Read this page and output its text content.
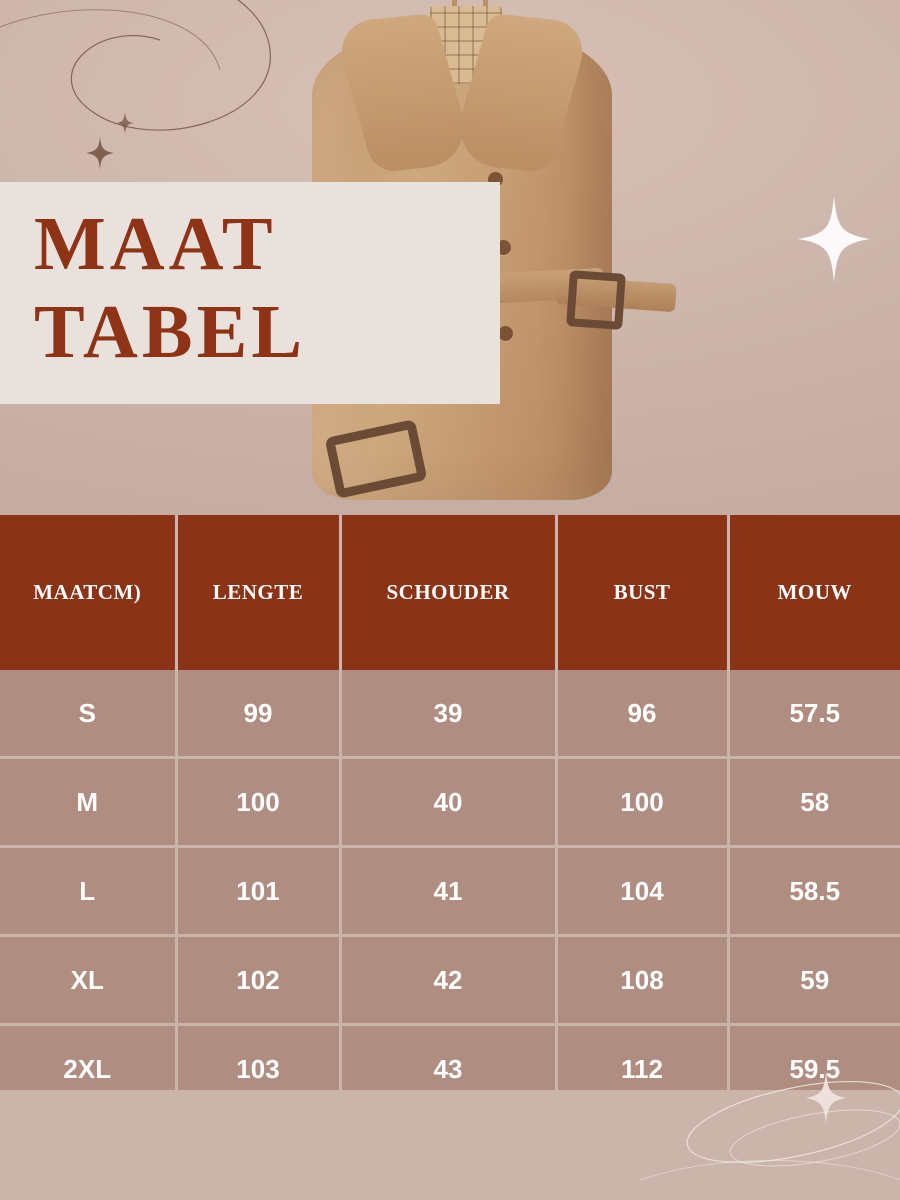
MAAT
TABEL
MAATCM)	LENGTE	SCHOUDER	BUST	MOUW
S	99	39	96	57.5
M	100	40	100	58
L	101	41	104	58.5
XL	102	42	108	59
2XL	103	43	112	59.5
